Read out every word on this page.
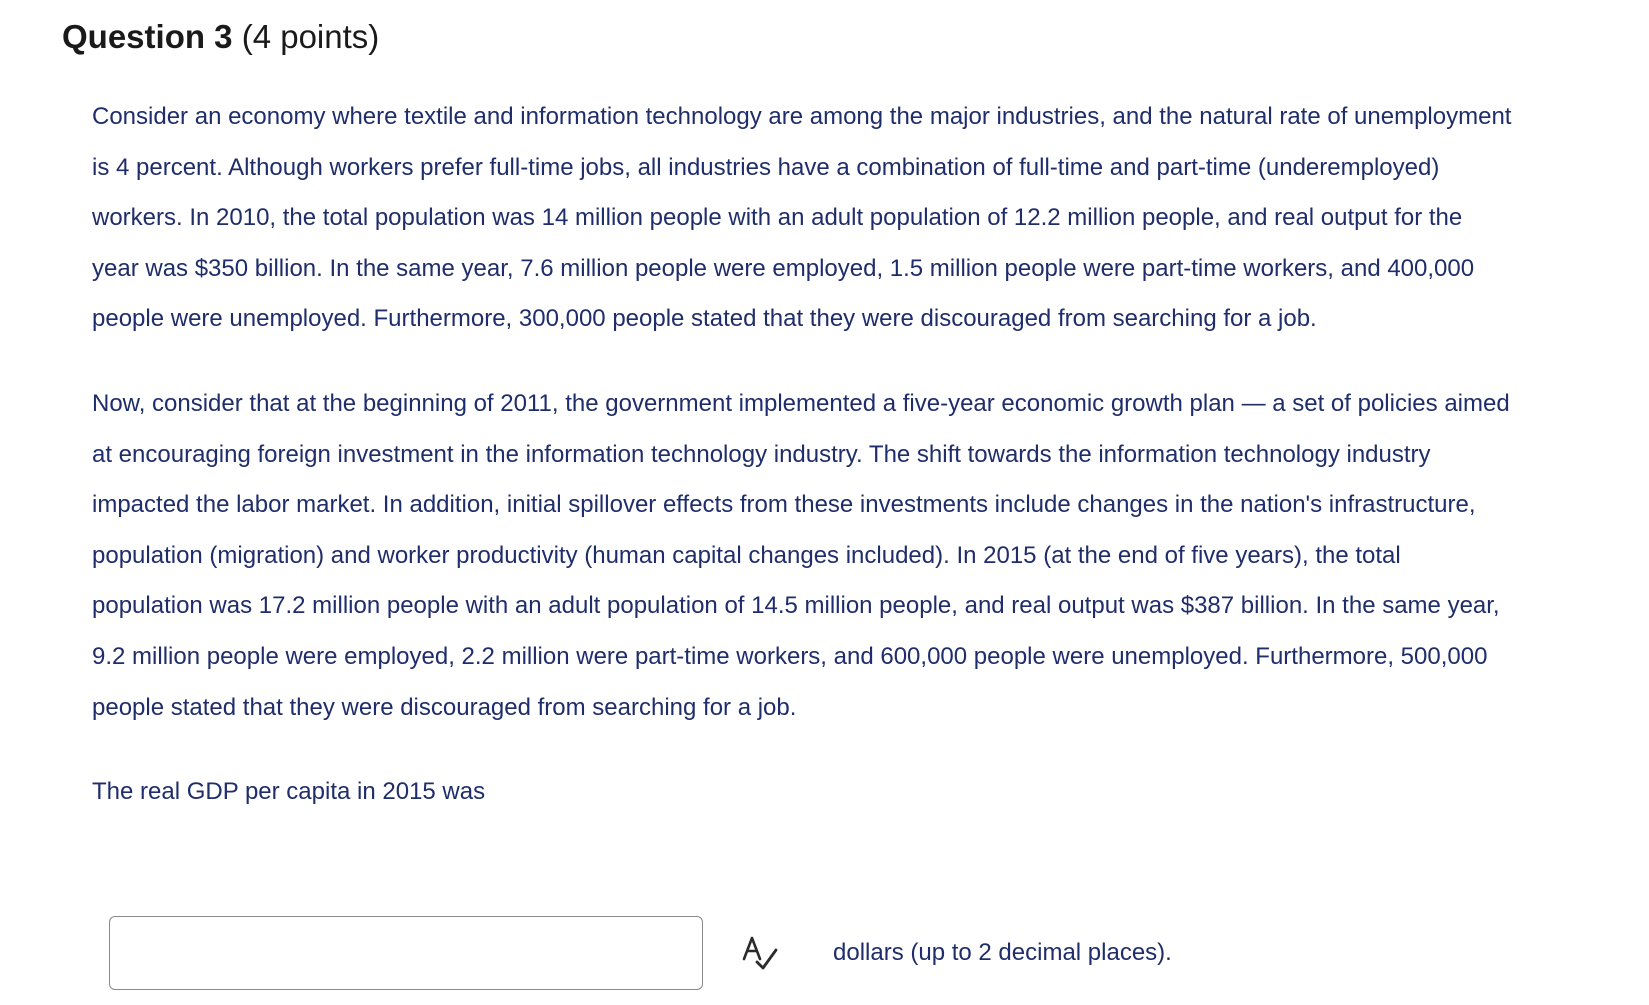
Question 3 (4 points)

Consider an economy where textile and information technology are among the major industries, and the natural rate of unemployment is 4 percent. Although workers prefer full-time jobs, all industries have a combination of full-time and part-time (underemployed) workers. In 2010, the total population was 14 million people with an adult population of 12.2 million people, and real output for the year was $350 billion. In the same year, 7.6 million people were employed, 1.5 million people were part-time workers, and 400,000 people were unemployed. Furthermore, 300,000 people stated that they were discouraged from searching for a job.

Now, consider that at the beginning of 2011, the government implemented a five-year economic growth plan — a set of policies aimed at encouraging foreign investment in the information technology industry. The shift towards the information technology industry impacted the labor market. In addition, initial spillover effects from these investments include changes in the nation's infrastructure, population (migration) and worker productivity (human capital changes included). In 2015 (at the end of five years), the total population was 17.2 million people with an adult population of 14.5 million people, and real output was $387 billion. In the same year, 9.2 million people were employed, 2.2 million were part-time workers, and 600,000 people were unemployed. Furthermore, 500,000 people stated that they were discouraged from searching for a job.

The real GDP per capita in 2015 was

dollars (up to 2 decimal places).
